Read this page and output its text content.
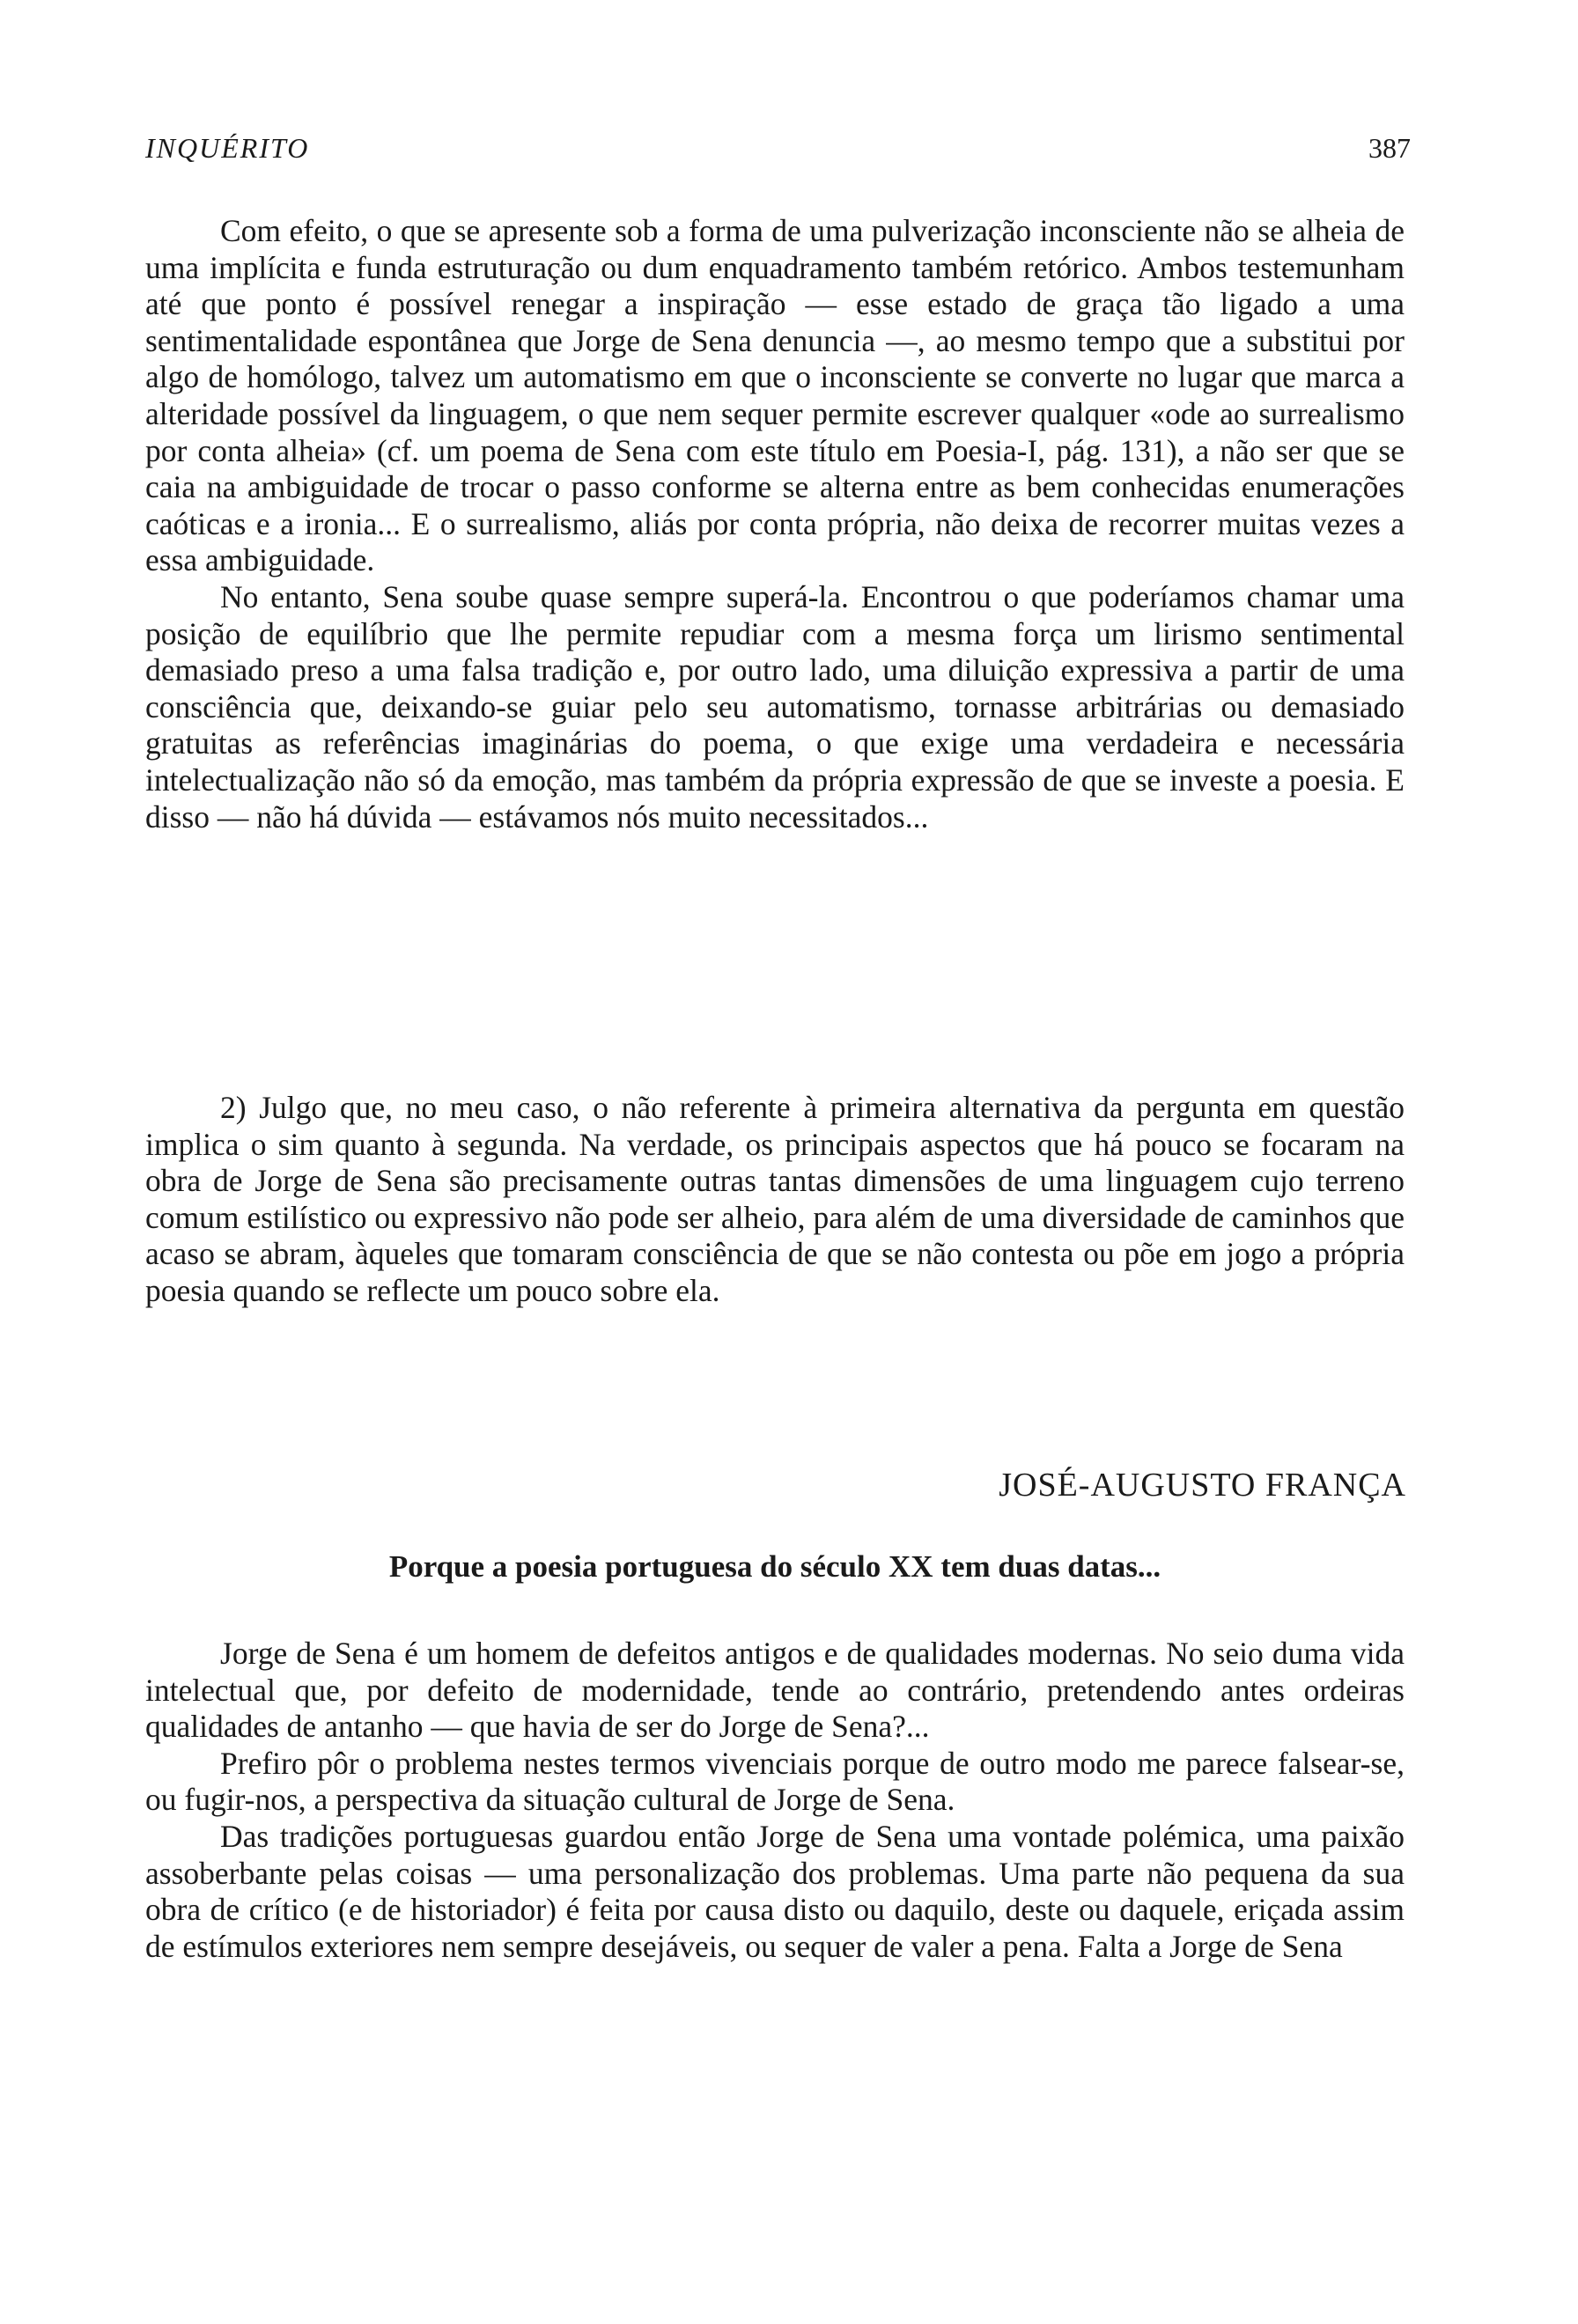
INQUÉRITO	387

Com efeito, o que se apresente sob a forma de uma pulverização inconsciente não se alheia de uma implícita e funda estruturação ou dum enquadramento também retórico. Ambos testemunham até que ponto é possível renegar a inspiração — esse estado de graça tão ligado a uma sentimentalidade espontânea que Jorge de Sena denuncia —, ao mesmo tempo que a substitui por algo de homólogo, talvez um automatismo em que o inconsciente se converte no lugar que marca a alteridade possível da linguagem, o que nem sequer permite escrever qualquer «ode ao surrealismo por conta alheia» (cf. um poema de Sena com este título em Poesia-I, pág. 131), a não ser que se caia na ambiguidade de trocar o passo conforme se alterna entre as bem conhecidas enumerações caóticas e a ironia... E o surrealismo, aliás por conta própria, não deixa de recorrer muitas vezes a essa ambiguidade.

No entanto, Sena soube quase sempre superá-la. Encontrou o que poderíamos chamar uma posição de equilíbrio que lhe permite repudiar com a mesma força um lirismo sentimental demasiado preso a uma falsa tradição e, por outro lado, uma diluição expressiva a partir de uma consciência que, deixando-se guiar pelo seu automatismo, tornasse arbitrárias ou demasiado gratuitas as referências imaginárias do poema, o que exige uma verdadeira e necessária intelectualização não só da emoção, mas também da própria expressão de que se investe a poesia. E disso — não há dúvida — estávamos nós muito necessitados...

2) Julgo que, no meu caso, o não referente à primeira alternativa da pergunta em questão implica o sim quanto à segunda. Na verdade, os principais aspectos que há pouco se focaram na obra de Jorge de Sena são precisamente outras tantas dimensões de uma linguagem cujo terreno comum estilístico ou expressivo não pode ser alheio, para além de uma diversidade de caminhos que acaso se abram, àqueles que tomaram consciência de que se não contesta ou põe em jogo a própria poesia quando se reflecte um pouco sobre ela.

JOSÉ-AUGUSTO FRANÇA
Porque a poesia portuguesa do século XX tem duas datas...

Jorge de Sena é um homem de defeitos antigos e de qualidades modernas. No seio duma vida intelectual que, por defeito de modernidade, tende ao contrário, pretendendo antes ordeiras qualidades de antanho — que havia de ser do Jorge de Sena?...

Prefiro pôr o problema nestes termos vivenciais porque de outro modo me parece falsear-se, ou fugir-nos, a perspectiva da situação cultural de Jorge de Sena.

Das tradições portuguesas guardou então Jorge de Sena uma vontade polémica, uma paixão assoberbante pelas coisas — uma personalização dos problemas. Uma parte não pequena da sua obra de crítico (e de historiador) é feita por causa disto ou daquilo, deste ou daquele, eriçada assim de estímulos exteriores nem sempre desejáveis, ou sequer de valer a pena. Falta a Jorge de Sena
